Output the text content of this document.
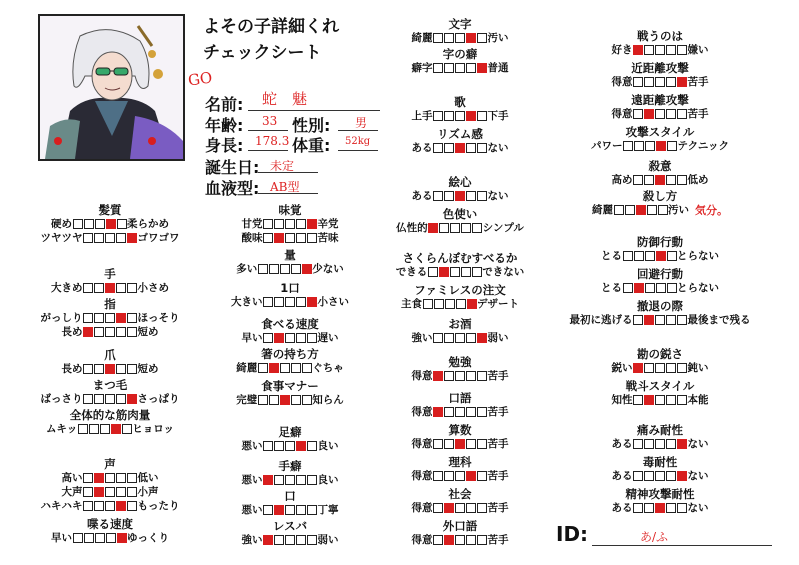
よその子詳細くれ
チェックシート
GO
名前: 蛇　魅
年齢: 33 性別: 男
身長: 178.3 体重: 52kg
誕生日: 未定
血液型: AB型
髪質
硬め	柔らかめ
ツヤツヤ	ゴワゴワ
手
大きめ	小さめ
指
がっしり	ほっそり
長め	短め
爪
長め	短め
まつ毛
ばっさり	さっぱり
全体的な筋肉量
ムキッ	ヒョロッ
声
高い	低い
大声	小声
ハキハキ	もったり
喋る速度
早い	ゆっくり
味覚
甘党	辛党
酸味	苦味
量
多い	少ない
1口
大きい	小さい
食べる速度
早い	遅い
箸の持ち方
綺麗	ぐちゃ
食事マナー
完璧	知らん
足癖
悪い	良い
手癖
悪い	良い
口
悪い	丁寧
レスバ
強い	弱い
文字
綺麗	汚い
字の癖
癖字	普通
歌
上手	下手
リズム感
ある	ない
絵心
ある	ない
色使い
仏性的	シンプル
さくらんぼむすべるか
できる	できない
ファミレスの注文
主食	デザート
お酒
強い	弱い
勉強
得意	苦手
口語
得意	苦手
算数
得意	苦手
理科
得意	苦手
社会
得意	苦手
外口語
得意	苦手
戦うのは
好き	嫌い
近距離攻撃
得意	苦手
遠距離攻撃
得意	苦手
攻撃スタイル
パワー	テクニック
殺意
高め	低め
殺し方
綺麗	汚い 気分。
防御行動
とる	とらない
回避行動
とる	とらない
撤退の際
最初に逃げる	最後まで残る
勘の鋭さ
鋭い	鈍い
戦斗スタイル
知性	本能
痛み耐性
ある	ない
毒耐性
ある	ない
精神攻撃耐性
ある	ない
ID:	あ/ふ
